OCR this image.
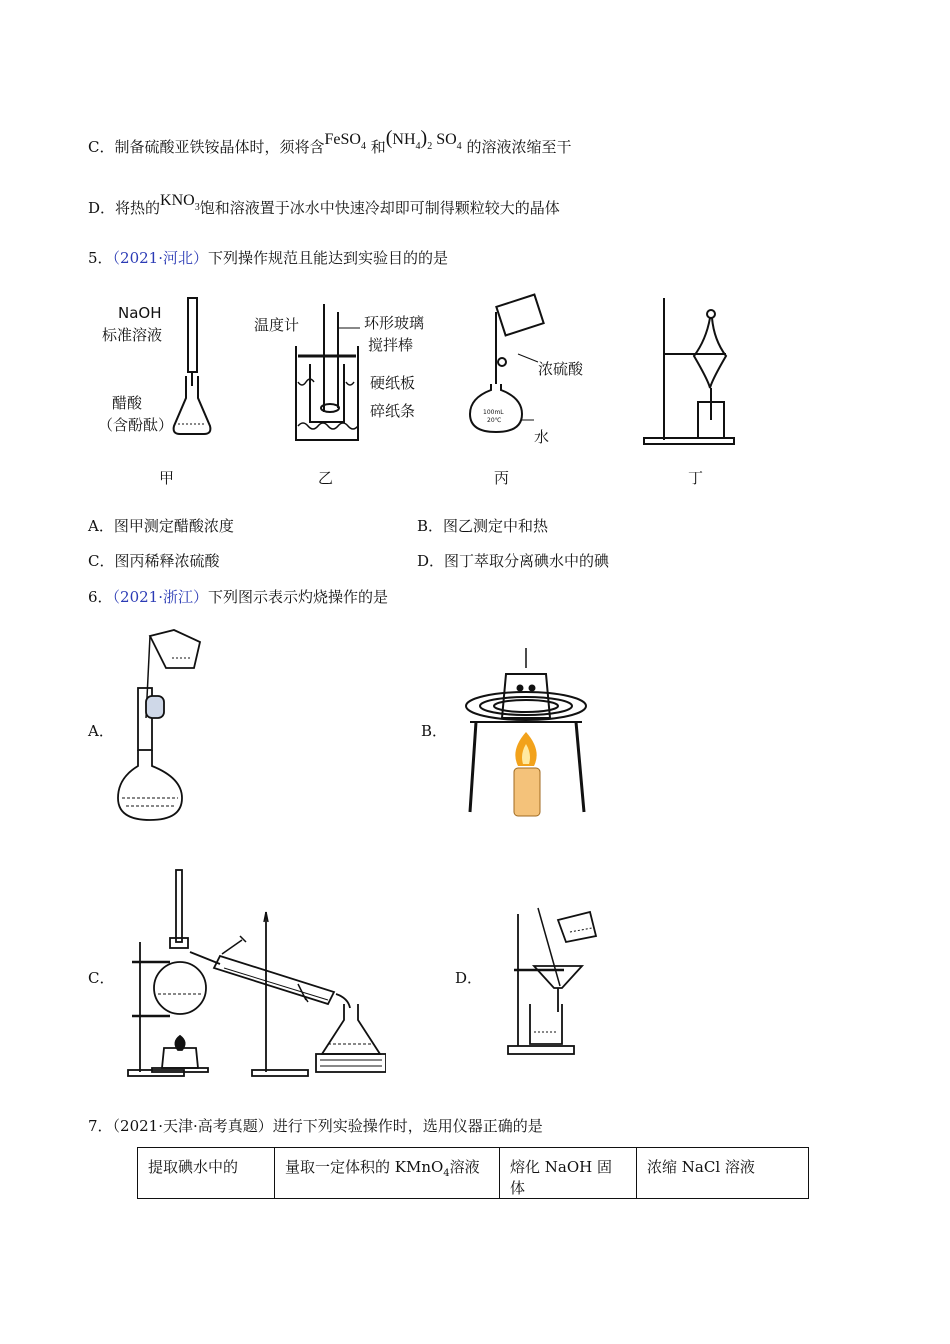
C．制备硫酸亚铁铵晶体时，须将含FeSO$_4$ 和$(NH_4)_2$ $SO_4$ 的溶液浓缩至干
D．将热的$KNO_3$饱和溶液置于冰水中快速冷却即可制得颗粒较大的晶体
5．（2021·河北）下列操作规范且能达到实验目的的是
NaOH
标准溶液
醋酸
（含酚酞）
温度计	环形玻璃
搅拌棒
硬纸板
碎纸条
浓硫酸
水
100mL
20℃
甲	乙	丙	丁
A．图甲测定醋酸浓度	B．图乙测定中和热
C．图丙稀释浓硫酸	D．图丁萃取分离碘水中的碘
6．（2021·浙江）下列图示表示灼烧操作的是
A．	B．
C．	D．
7．（2021·天津·高考真题）进行下列实验操作时，选用仪器正确的是
提取碘水中的	量取一定体积的 KMnO$_4$溶液	熔化 NaOH 固体	浓缩 NaCl 溶液
